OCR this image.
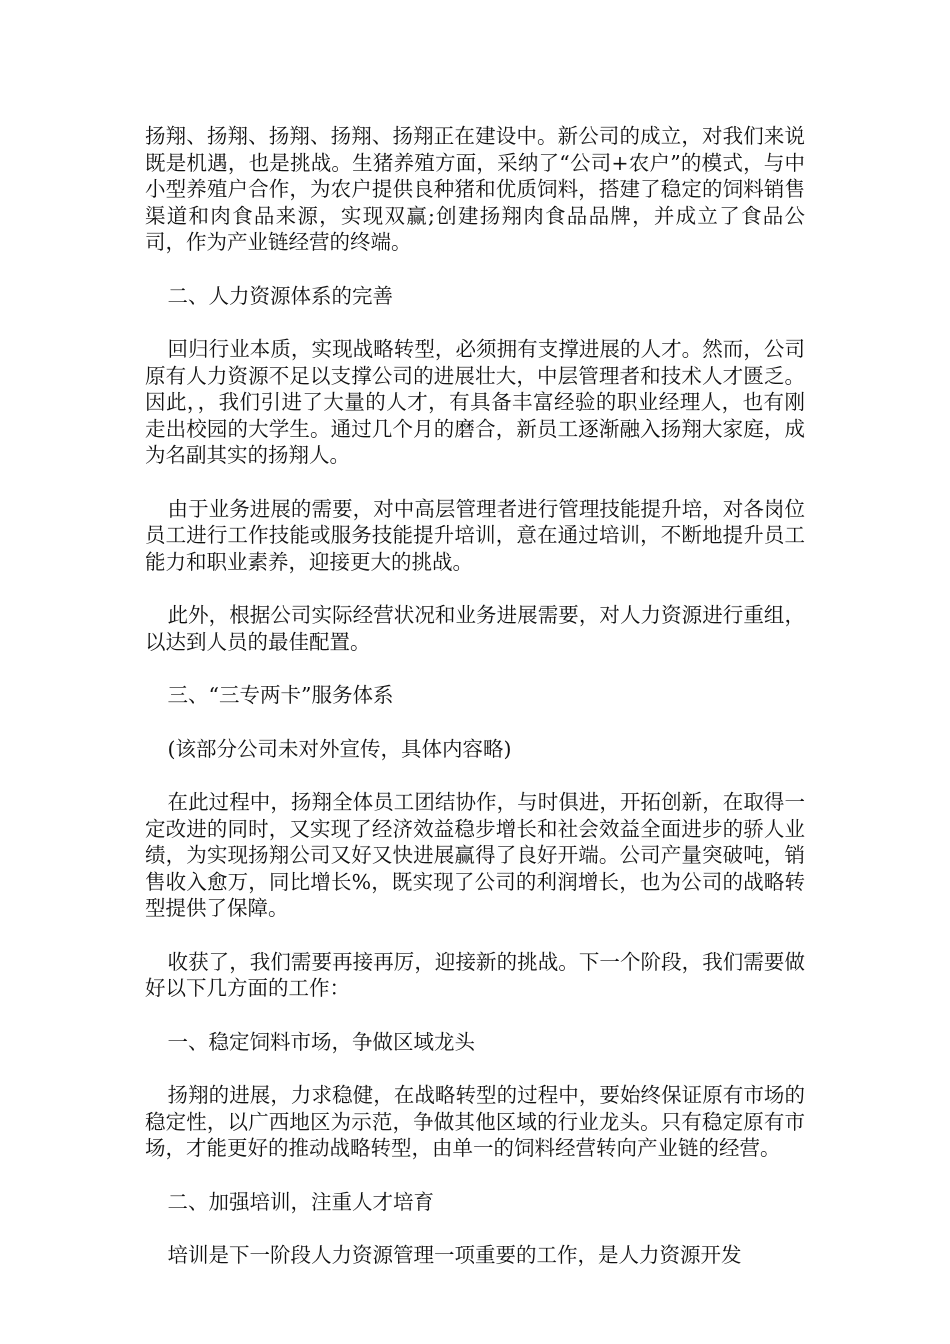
扬翔、扬翔、扬翔、扬翔、扬翔正在建设中。新公司的成立，对我们来说既是机遇，也是挑战。生猪养殖方面，采纳了“公司+农户”的模式，与中小型养殖户合作，为农户提供良种猪和优质饲料，搭建了稳定的饲料销售渠道和肉食品来源，实现双赢;创建扬翔肉食品品牌，并成立了食品公司，作为产业链经营的终端。

二、人力资源体系的完善

回归行业本质，实现战略转型，必须拥有支撑进展的人才。然而，公司原有人力资源不足以支撑公司的进展壮大，中层管理者和技术人才匮乏。因此，，我们引进了大量的人才，有具备丰富经验的职业经理人，也有刚走出校园的大学生。通过几个月的磨合，新员工逐渐融入扬翔大家庭，成为名副其实的扬翔人。

由于业务进展的需要，对中高层管理者进行管理技能提升培，对各岗位员工进行工作技能或服务技能提升培训，意在通过培训，不断地提升员工能力和职业素养，迎接更大的挑战。

此外，根据公司实际经营状况和业务进展需要，对人力资源进行重组，以达到人员的最佳配置。

三、“三专两卡”服务体系

(该部分公司未对外宣传，具体内容略)

在此过程中，扬翔全体员工团结协作，与时俱进，开拓创新，在取得一定改进的同时，又实现了经济效益稳步增长和社会效益全面进步的骄人业绩，为实现扬翔公司又好又快进展赢得了良好开端。公司产量突破吨，销售收入愈万，同比增长%，既实现了公司的利润增长，也为公司的战略转型提供了保障。

收获了，我们需要再接再厉，迎接新的挑战。下一个阶段，我们需要做好以下几方面的工作：

一、稳定饲料市场，争做区域龙头

扬翔的进展，力求稳健，在战略转型的过程中，要始终保证原有市场的稳定性，以广西地区为示范，争做其他区域的行业龙头。只有稳定原有市场，才能更好的推动战略转型，由单一的饲料经营转向产业链的经营。

二、加强培训，注重人才培育

培训是下一阶段人力资源管理一项重要的工作，是人力资源开发
